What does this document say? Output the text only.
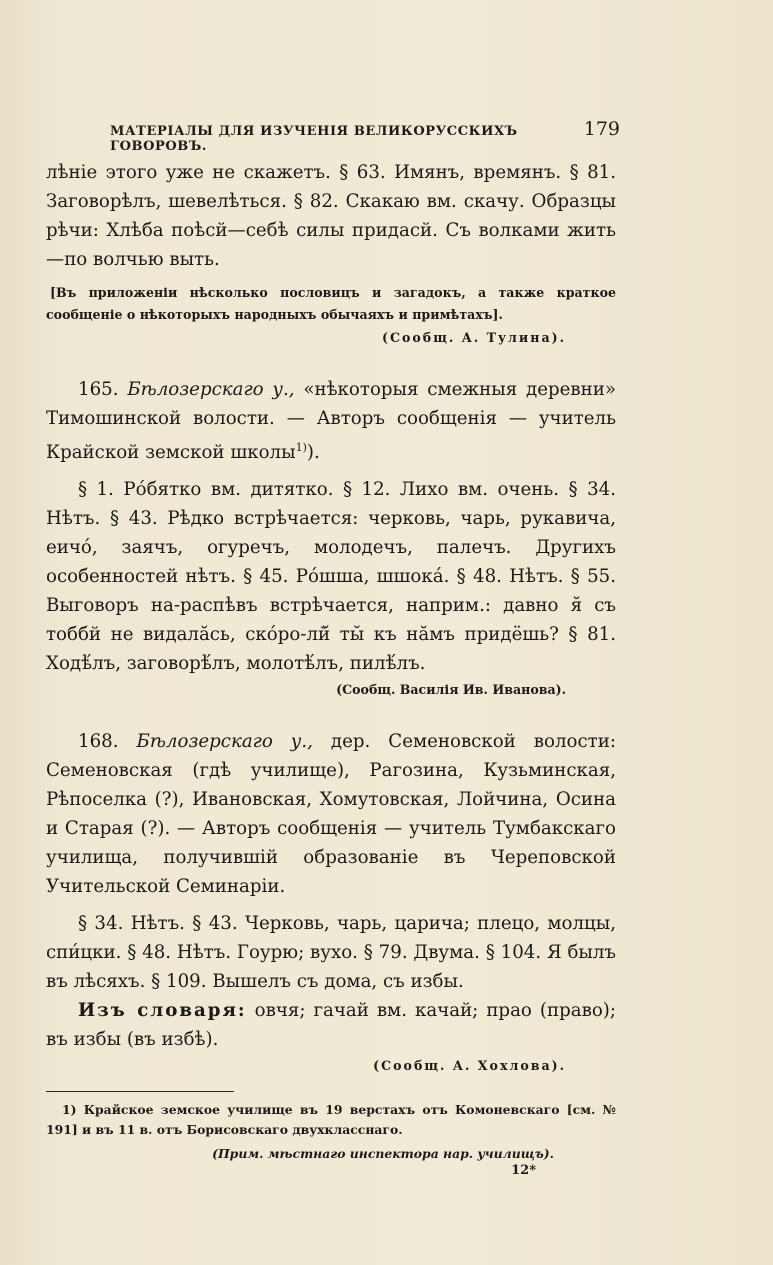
МАТЕРІАЛЫ ДЛЯ ИЗУЧЕНІЯ ВЕЛИКОРУССКИХЪ ГОВОРОВЪ.
179

лѣніе этого уже не скажетъ. § 63. Имянъ, времянъ. § 81. Заговорѣлъ, шевелѣться. § 82. Скакаю вм. скачу. Образцы рѣчи: Хлѣба поѣсй—себѣ силы придасй. Съ волками жить—по волчью выть.

[Въ приложеніи нѣсколько пословицъ и загадокъ, а также краткое сообщеніе о нѣкоторыхъ народныхъ обычаяхъ и примѣтахъ].

(Сообщ. А. Тулина).

165. Бѣлозерскаго у., «нѣкоторыя смежныя деревни» Тимошинской волости. — Авторъ сообщенія — учитель Крайской земской школы$^{1)}$).

§ 1. Рóбятко вм. дитятко. § 12. Лихо вм. очень. § 34. Нѣтъ. § 43. Рѣдко встрѣчается: черковь, чарь, рукавича, еичó, заячъ, огуречъ, молодечъ, палечъ. Другихъ особенностей нѣтъ. § 45. Рóшша, шшокá. § 48. Нѣтъ. § 55. Выговоръ на-распѣвъ встрѣчается, наприм.: давно я̆ съ тоббй не видалӑсь, скóро-лй̆ ты̆ къ нӑмъ придёшь? § 81. Ходѣ́лъ, заговорѣ́лъ, молотѣ́лъ, пилѣ́лъ.

(Сообщ. Василія Ив. Иванова).

168. Бѣлозерскаго у., дер. Семеновской волости: Семеновская (гдѣ училище), Рагозина, Кузьминская, Рѣпоселка (?), Ивановская, Хомутовская, Лойчина, Осина и Старая (?). — Авторъ сообщенія — учитель Тумбакскаго училища, получившій образованіе въ Череповской Учительской Семинаріи.

§ 34. Нѣтъ. § 43. Черковь, чарь, царича; плецо, молцы, спи́цки. § 48. Нѣтъ. Гоурю; вухо. § 79. Двума. § 104. Я былъ въ лѣсяхъ. § 109. Вышелъ съ дома, съ избы.

Изъ словаря: овчя; гачай вм. качай; прао (право); въ избы (въ избѣ).

(Сообщ. А. Хохлова).

1) Крайское земское училище въ 19 верстахъ отъ Комоневскаго [см. № 191] и въ 11 в. отъ Борисовскаго двухкласснаго.

(Прим. мѣстнаго инспектора нар. училищъ).

12*
